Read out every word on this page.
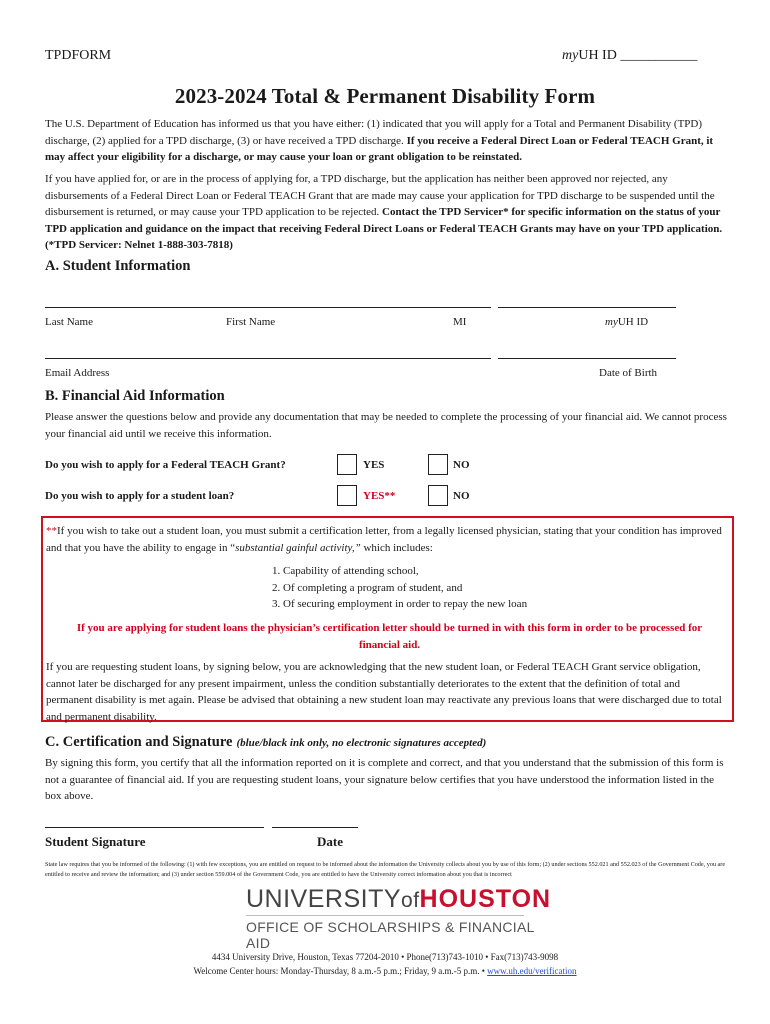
TPDFORM	myUH ID ___________
2023-2024 Total & Permanent Disability Form
The U.S. Department of Education has informed us that you have either: (1) indicated that you will apply for a Total and Permanent Disability (TPD) discharge, (2) applied for a TPD discharge, (3) or have received a TPD discharge. If you receive a Federal Direct Loan or Federal TEACH Grant, it may affect your eligibility for a discharge, or may cause your loan or grant obligation to be reinstated.
If you have applied for, or are in the process of applying for, a TPD discharge, but the application has neither been approved nor rejected, any disbursements of a Federal Direct Loan or Federal TEACH Grant that are made may cause your application for TPD discharge to be suspended until the disbursement is returned, or may cause your TPD application to be rejected. Contact the TPD Servicer* for specific information on the status of your TPD application and guidance on the impact that receiving Federal Direct Loans or Federal TEACH Grants may have on your TPD application. (*TPD Servicer: Nelnet 1-888-303-7818)
A. Student Information
Last Name	First Name	MI	myUH ID
Email Address	Date of Birth
B. Financial Aid Information
Please answer the questions below and provide any documentation that may be needed to complete the processing of your financial aid. We cannot process your financial aid until we receive this information.
Do you wish to apply for a Federal TEACH Grant?	YES	NO
Do you wish to apply for a student loan?	YES**	NO
**If you wish to take out a student loan, you must submit a certification letter, from a legally licensed physician, stating that your condition has improved and that you have the ability to engage in “substantial gainful activity,” which includes:
1. Capability of attending school,
2. Of completing a program of student, and
3. Of securing employment in order to repay the new loan
If you are applying for student loans the physician’s certification letter should be turned in with this form in order to be processed for financial aid.
If you are requesting student loans, by signing below, you are acknowledging that the new student loan, or Federal TEACH Grant service obligation, cannot later be discharged for any present impairment, unless the condition substantially deteriorates to the extent that the definition of total and permanent disability is met again. Please be advised that obtaining a new student loan may reactivate any previous loans that were discharged due to total and permanent disability.
C. Certification and Signature (blue/black ink only, no electronic signatures accepted)
By signing this form, you certify that all the information reported on it is complete and correct, and that you understand that the submission of this form is not a guarantee of financial aid. If you are requesting student loans, your signature below certifies that you have understood the information listed in the box above.
Student Signature	Date
State law requires that you be informed of the following: (1) with few exceptions, you are entitled on request to be informed about the information the University collects about you by use of this form; (2) under sections 552.021 and 552.023 of the Government Code, you are entitled to receive and review the information; and (3) under section 559.004 of the Government Code, you are entitled to have the University correct information about you that is incorrect
UNIVERSITYofHOUSTON
OFFICE OF SCHOLARSHIPS & FINANCIAL AID
4434 University Drive, Houston, Texas 77204-2010 • Phone(713)743-1010 • Fax(713)743-9098
Welcome Center hours: Monday-Thursday, 8 a.m.-5 p.m.; Friday, 9 a.m.-5 p.m. • www.uh.edu/verification
